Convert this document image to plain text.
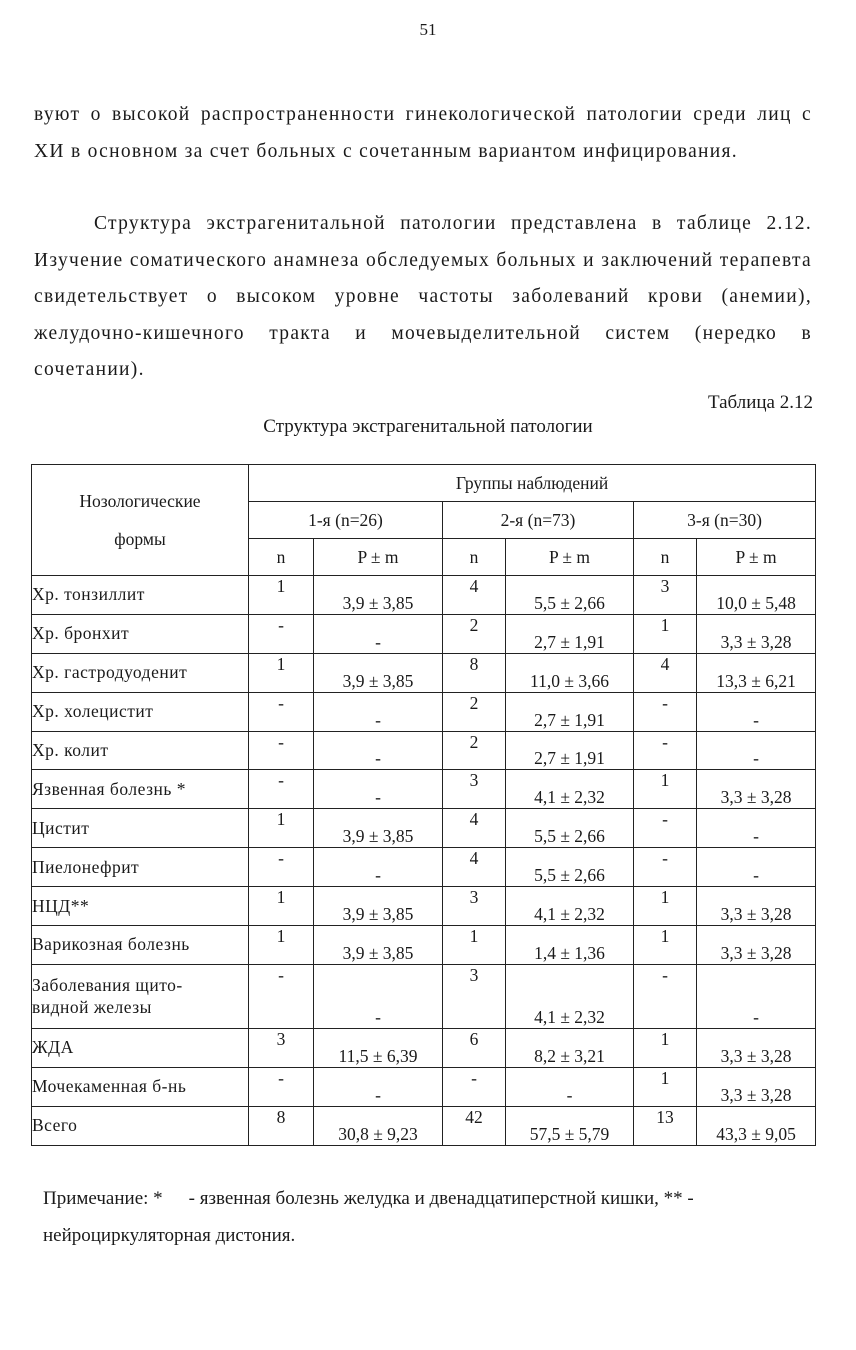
51

вуют о высокой распространенности гинекологической патологии среди лиц с ХИ в основном за счет больных с сочетанным вариантом инфицирования.

Структура экстрагенитальной патологии представлена в таблице 2.12. Изучение соматического анамнеза обследуемых больных и заключений терапевта свидетельствует о высоком уровне частоты заболеваний крови (анемии), желудочно-кишечного тракта и мочевыделительной систем (нередко в сочетании).

Таблица 2.12
Структура экстрагенитальной патологии
Нозологические
формы	Группы наблюдений					
	1-я (n=26)		2-я (n=73)		3-я (n=30)	
	n	P ± m	n	P ± m	n	P ± m
Хр. тонзиллит	1	3,9 ± 3,85	4	5,5 ± 2,66	3	10,0 ± 5,48
Хр. бронхит	-	-	2	2,7 ± 1,91	1	3,3 ± 3,28
Хр. гастродуоденит	1	3,9 ± 3,85	8	11,0 ± 3,66	4	13,3 ± 6,21
Хр. холецистит	-	-	2	2,7 ± 1,91	-	-
Хр. колит	-	-	2	2,7 ± 1,91	-	-
Язвенная болезнь *	-	-	3	4,1 ± 2,32	1	3,3 ± 3,28
Цистит	1	3,9 ± 3,85	4	5,5 ± 2,66	-	-
Пиелонефрит	-	-	4	5,5 ± 2,66	-	-
НЦД**	1	3,9 ± 3,85	3	4,1 ± 2,32	1	3,3 ± 3,28
Варикозная болезнь	1	3,9 ± 3,85	1	1,4 ± 1,36	1	3,3 ± 3,28

Заболевания щито-
видной железы	-	-	3	4,1 ± 2,32	-	-
ЖДА	3	11,5 ± 6,39	6	8,2 ± 3,21	1	3,3 ± 3,28
Мочекаменная б-нь	-	-	-	-	1	3,3 ± 3,28
Всего	8	30,8 ± 9,23	42	57,5 ± 5,79	13	43,3 ± 9,05

Примечание: * - язвенная болезнь желудка и двенадцатиперстной кишки, ** - нейроциркуляторная дистония.
